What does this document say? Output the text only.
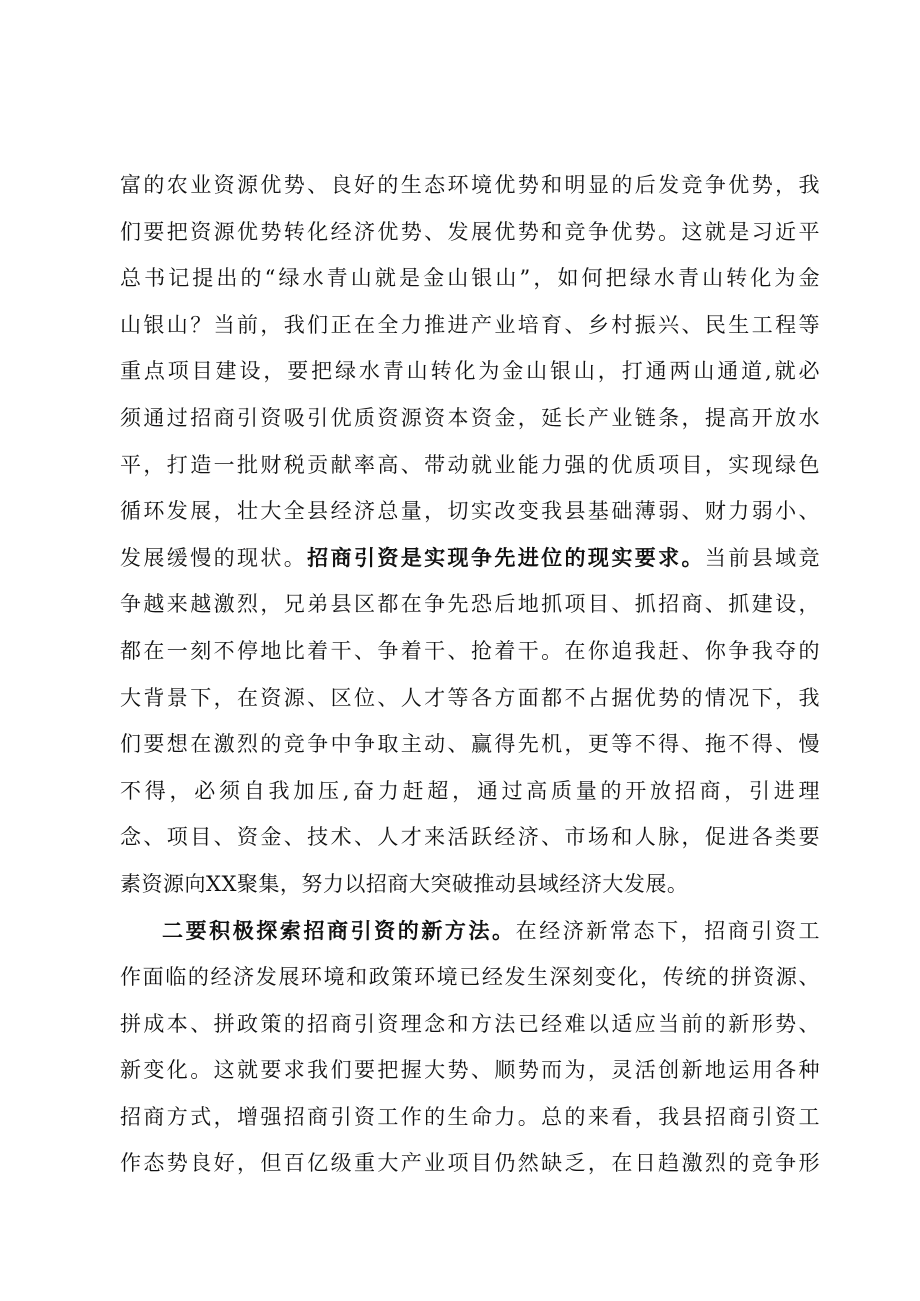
富的农业资源优势、良好的生态环境优势和明显的后发竞争优势，我
们要把资源优势转化经济优势、发展优势和竞争优势。这就是习近平
总书记提出的“绿水青山就是金山银山”，如何把绿水青山转化为金
山银山？当前，我们正在全力推进产业培育、乡村振兴、民生工程等
重点项目建设，要把绿水青山转化为金山银山，打通两山通道,就必
须通过招商引资吸引优质资源资本资金，延长产业链条，提高开放水
平，打造一批财税贡献率高、带动就业能力强的优质项目，实现绿色
循环发展，壮大全县经济总量，切实改变我县基础薄弱、财力弱小、
发展缓慢的现状。招商引资是实现争先进位的现实要求。当前县域竞
争越来越激烈，兄弟县区都在争先恐后地抓项目、抓招商、抓建设，
都在一刻不停地比着干、争着干、抢着干。在你追我赶、你争我夺的
大背景下，在资源、区位、人才等各方面都不占据优势的情况下，我
们要想在激烈的竞争中争取主动、赢得先机，更等不得、拖不得、慢
不得，必须自我加压,奋力赶超，通过高质量的开放招商，引进理
念、项目、资金、技术、人才来活跃经济、市场和人脉，促进各类要
素资源向XX聚集，努力以招商大突破推动县域经济大发展。
二要积极探索招商引资的新方法。在经济新常态下，招商引资工
作面临的经济发展环境和政策环境已经发生深刻变化，传统的拼资源、
拼成本、拼政策的招商引资理念和方法已经难以适应当前的新形势、
新变化。这就要求我们要把握大势、顺势而为，灵活创新地运用各种
招商方式，增强招商引资工作的生命力。总的来看，我县招商引资工
作态势良好，但百亿级重大产业项目仍然缺乏，在日趋激烈的竞争形
